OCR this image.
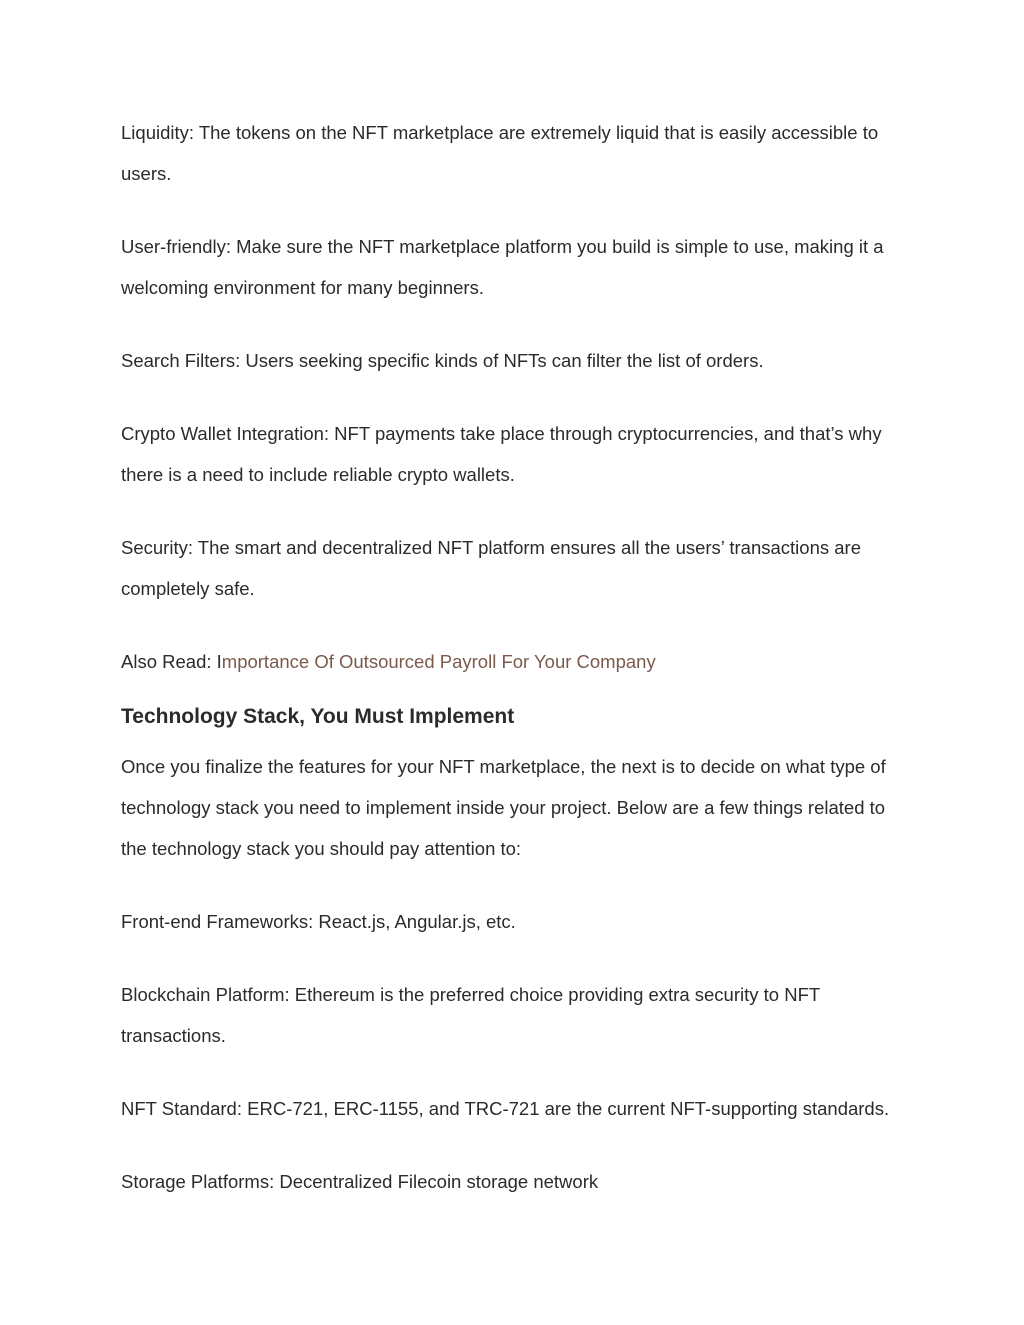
Liquidity: The tokens on the NFT marketplace are extremely liquid that is easily accessible to users.

User-friendly: Make sure the NFT marketplace platform you build is simple to use, making it a welcoming environment for many beginners.

Search Filters: Users seeking specific kinds of NFTs can filter the list of orders.

Crypto Wallet Integration: NFT payments take place through cryptocurrencies, and that’s why there is a need to include reliable crypto wallets.

Security: The smart and decentralized NFT platform ensures all the users’ transactions are completely safe.

Also Read: Importance Of Outsourced Payroll For Your Company

Technology Stack, You Must Implement

Once you finalize the features for your NFT marketplace, the next is to decide on what type of technology stack you need to implement inside your project. Below are a few things related to the technology stack you should pay attention to:

Front-end Frameworks: React.js, Angular.js, etc.

Blockchain Platform: Ethereum is the preferred choice providing extra security to NFT transactions.

NFT Standard: ERC-721, ERC-1155, and TRC-721 are the current NFT-supporting standards.

Storage Platforms: Decentralized Filecoin storage network
